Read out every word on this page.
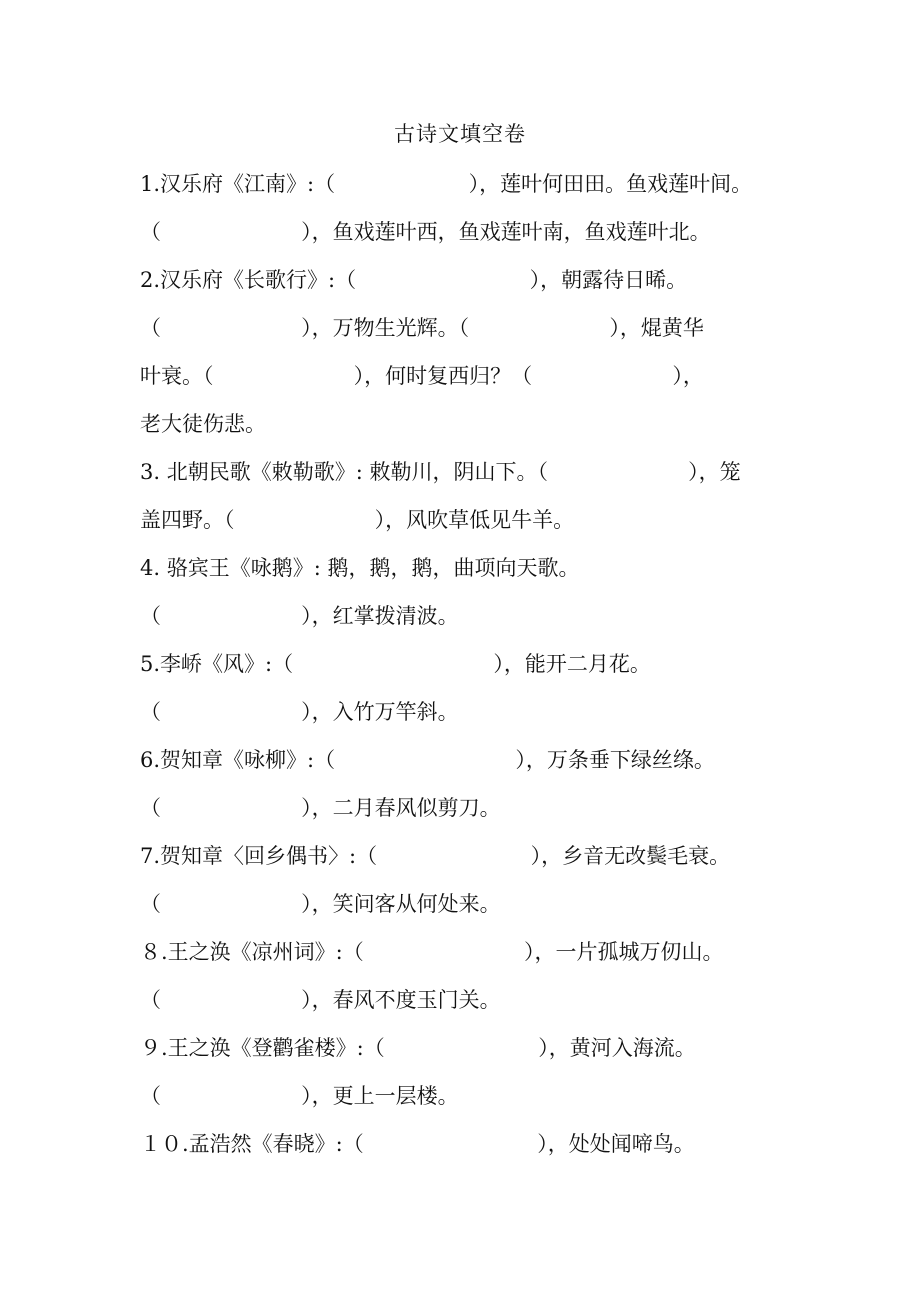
古诗文填空卷
1.汉乐府《江南》:（                    ），莲叶何田田。鱼戏莲叶间。
（                     ），鱼戏莲叶西，鱼戏莲叶南，鱼戏莲叶北。
2.汉乐府《长歌行》:（                          ），朝露待日晞。
（                     ），万物生光辉。（                     ），焜黄华
叶衰。（                     ），何时复西归？（                     ），
老大徒伤悲。
3. 北朝民歌《敕勒歌》: 敕勒川，阴山下。（                     ），笼
盖四野。（                     ），风吹草低见牛羊。
4. 骆宾王《咏鹅》: 鹅，鹅，鹅，曲项向天歌。
（                     ），红掌拨清波。
5.李峤《风》:（                              ），能开二月花。
（                     ），入竹万竿斜。
6.贺知章《咏柳》:（                           ），万条垂下绿丝绦。
（                     ），二月春风似剪刀。
7.贺知章〈回乡偶书〉:（                       ），乡音无改鬓毛衰。
（                     ），笑问客从何处来。
８.王之涣《凉州词》:（                        ），一片孤城万仞山。
（                     ），春风不度玉门关。
９.王之涣《登鹳雀楼》:（                       ），黄河入海流。
（                     ），更上一层楼。
１０.孟浩然《春晓》:（                          ），处处闻啼鸟。
